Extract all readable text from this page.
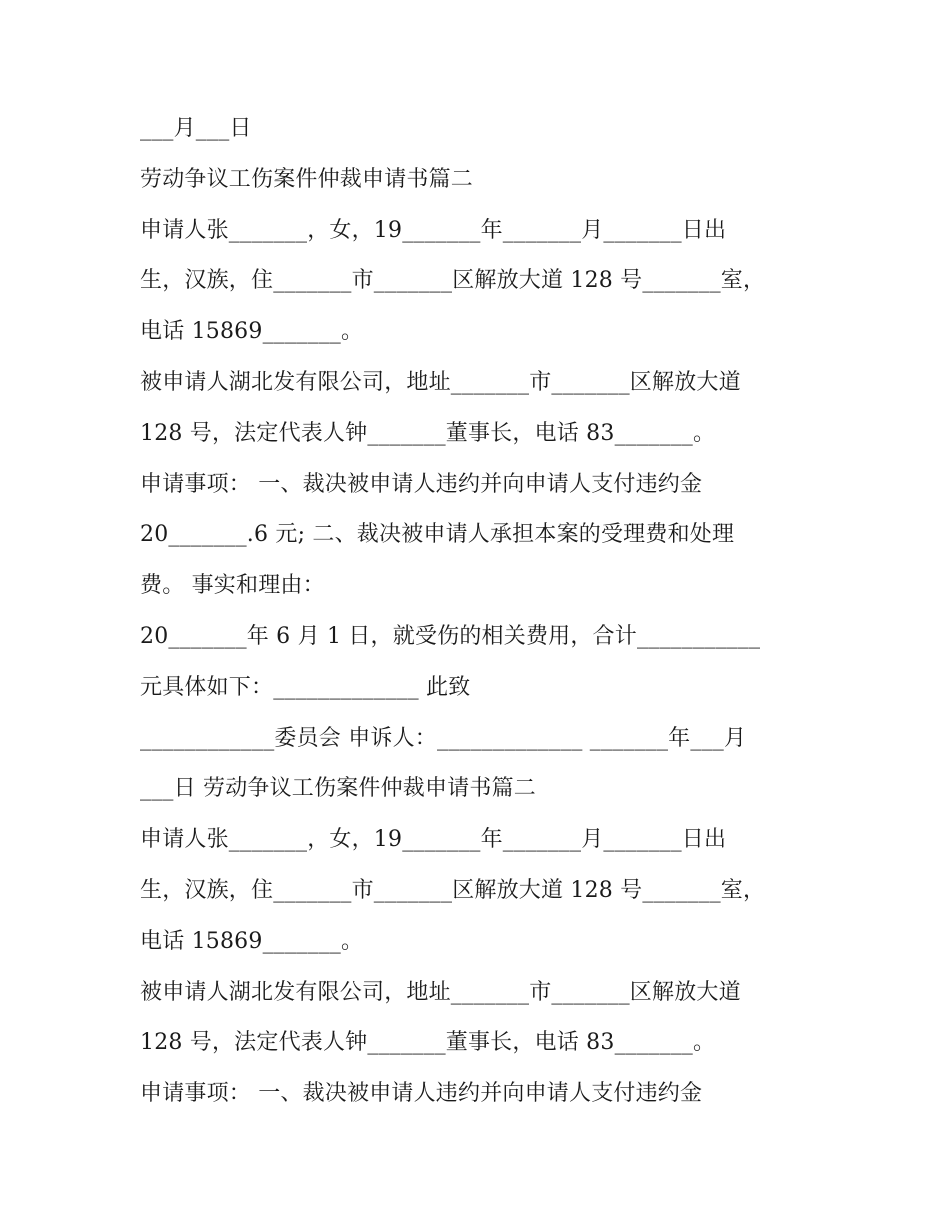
___月___日
劳动争议工伤案件仲裁申请书篇二
申请人张_______，女，19_______年_______月_______日出
生，汉族，住_______市_______区解放大道 128 号_______室，
电话 15869_______。
被申请人湖北发有限公司，地址_______市_______区解放大道
128 号，法定代表人钟_______董事长，电话 83_______。
申请事项： 一、裁决被申请人违约并向申请人支付违约金
20_______.6 元; 二、裁决被申请人承担本案的受理费和处理
费。 事实和理由：
20_______年 6 月 1 日，就受伤的相关费用，合计___________
元具体如下：_____________ 此致
____________委员会 申诉人：_____________ _______年___月
___日 劳动争议工伤案件仲裁申请书篇二
申请人张_______，女，19_______年_______月_______日出
生，汉族，住_______市_______区解放大道 128 号_______室，
电话 15869_______。
被申请人湖北发有限公司，地址_______市_______区解放大道
128 号，法定代表人钟_______董事长，电话 83_______。
申请事项： 一、裁决被申请人违约并向申请人支付违约金
